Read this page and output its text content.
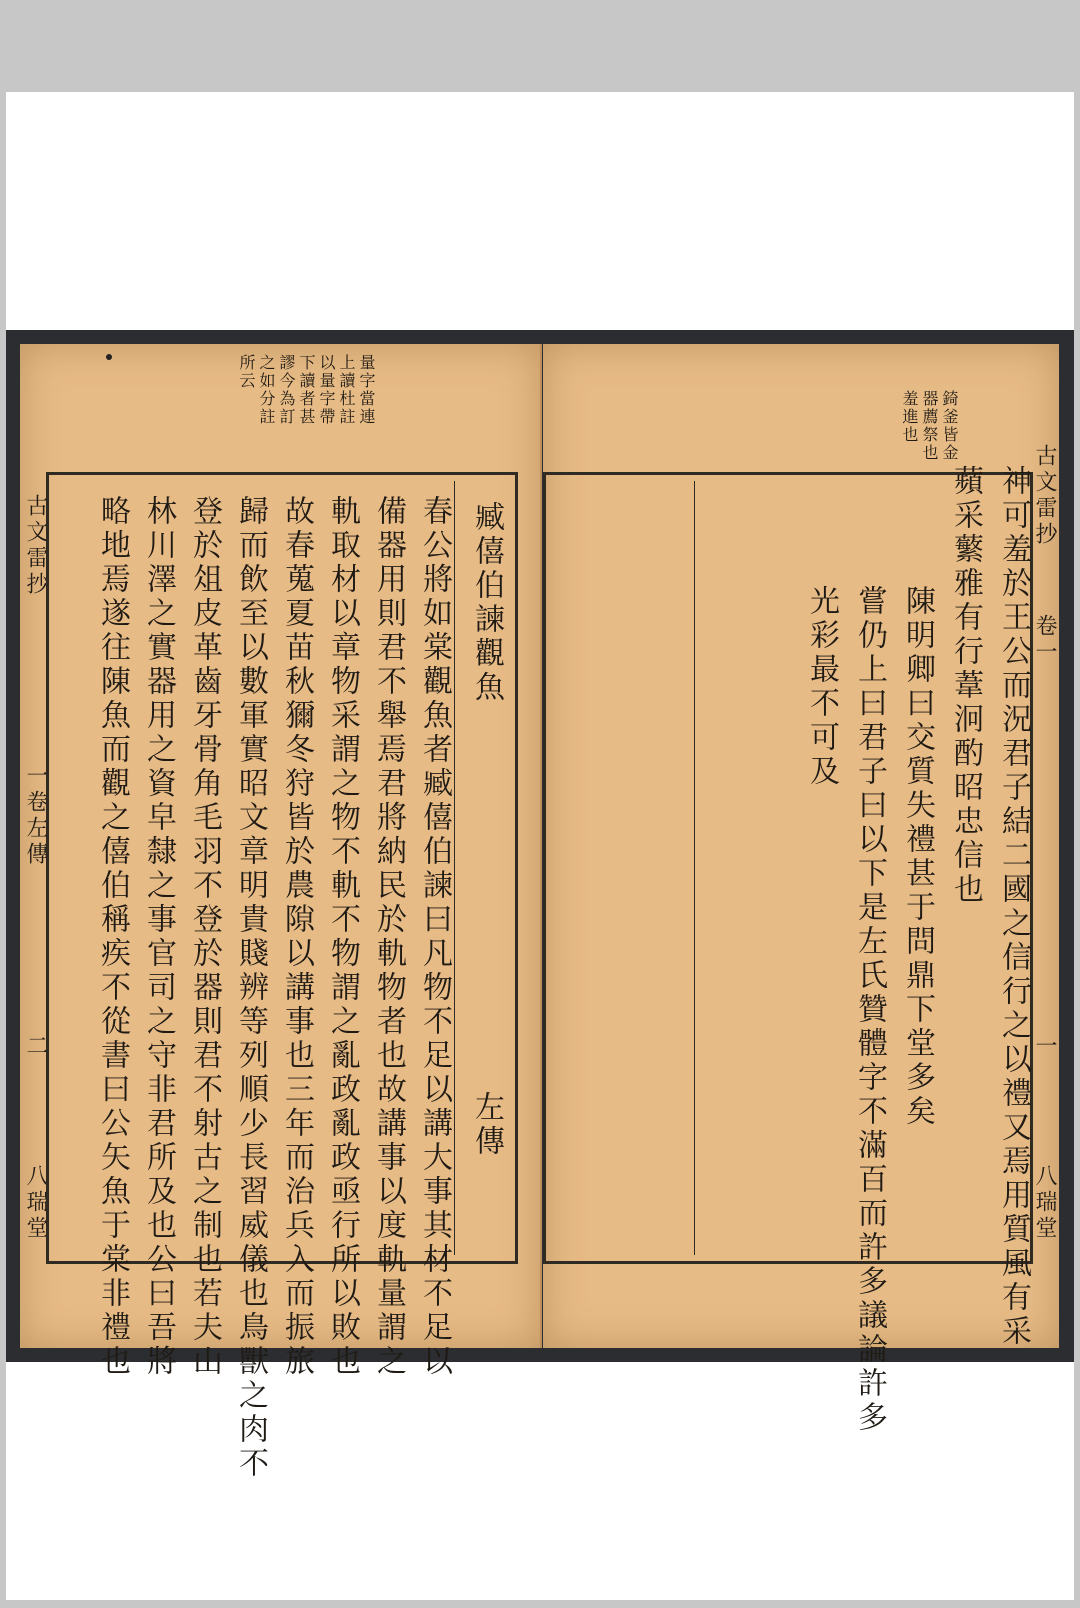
量字當連
上讀杜註
以量字帶
下讀者甚
謬今為訂
之如分註
所云
古文雷抄
一卷左傳
二
八瑞堂
臧僖伯諫觀魚
左傳
春公將如棠觀魚者臧僖伯諫曰凡物不足以講大事其材不足以
備器用則君不舉焉君將納民於軌物者也故講事以度軌量謂之
軌取材以章物采謂之物不軌不物謂之亂政亂政亟行所以敗也
故春蒐夏苗秋獮冬狩皆於農隙以講事也三年而治兵入而振旅
歸而飲至以數軍實昭文章明貴賤辨等列順少長習威儀也鳥獸之肉不
登於俎皮革齒牙骨角毛羽不登於器則君不射古之制也若夫山
林川澤之實器用之資皁隸之事官司之守非君所及也公曰吾將
略地焉遂往陳魚而觀之僖伯稱疾不從書曰公矢魚于棠非禮也
錡釜皆金
器薦祭也
羞進也
古文雷抄
卷一
一
八瑞堂
神可羞於王公而況君子結二國之信行之以禮又焉用質風有采
蘋采蘩雅有行葦泂酌昭忠信也
陳明卿曰交質失禮甚于問鼎下堂多矣
嘗仍上曰君子曰以下是左氏贊體字不滿百而許多議論許多
光彩最不可及
